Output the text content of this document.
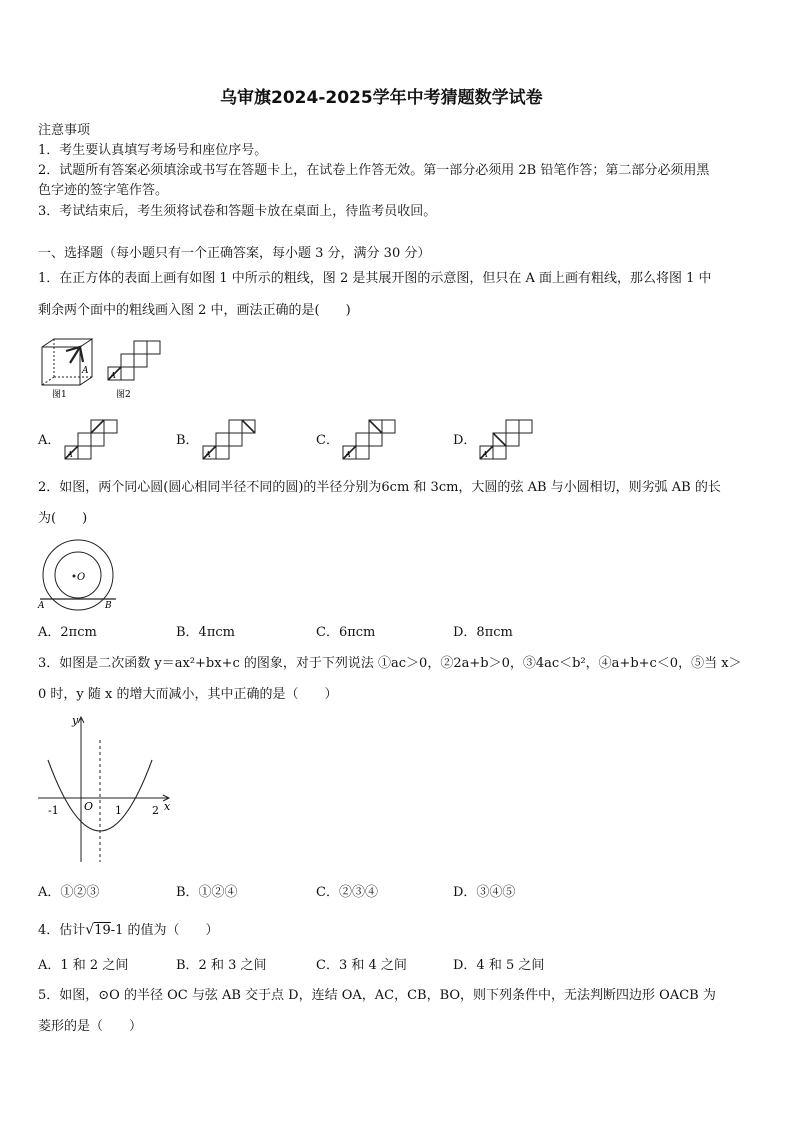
乌审旗2024-2025学年中考猜题数学试卷
注意事项
1．考生要认真填写考场号和座位序号。
2．试题所有答案必须填涂或书写在答题卡上，在试卷上作答无效。第一部分必须用 2B 铅笔作答；第二部分必须用黑
色字迹的签字笔作答。
3．考试结束后，考生须将试卷和答题卡放在桌面上，待监考员收回。
一、选择题（每小题只有一个正确答案，每小题 3 分，满分 30 分）
1．在正方体的表面上画有如图 1 中所示的粗线，图 2 是其展开图的示意图，但只在 A 面上画有粗线，那么将图 1 中
剩余两个面中的粗线画入图 2 中，画法正确的是(　　)
A
图1
A
图2
A．
A
B．
A
C．
A
D．
A
2．如图，两个同心圆(圆心相同半径不同的圆)的半径分别为6cm 和 3cm，大圆的弦 AB 与小圆相切，则劣弧 AB 的长
为(　　)
O
A	B
A．2πcm	B．4πcm	C．6πcm	D．8πcm
3．如图是二次函数 y＝ax²+bx+c 的图象，对于下列说法 ①ac＞0，②2a+b＞0，③4ac＜b²，④a+b+c＜0，⑤当 x＞
0 时，y 随 x 的增大而减小，其中正确的是（　　）
y
x
O
-1	1	2
A．①②③	B．①②④	C．②③④	D．③④⑤
4．估计√19-1 的值为（　　）
A．1 和 2 之间	B．2 和 3 之间	C．3 和 4 之间	D．4 和 5 之间
5．如图，⊙O 的半径 OC 与弦 AB 交于点 D，连结 OA，AC，CB，BO，则下列条件中，无法判断四边形 OACB 为
菱形的是（　　）
